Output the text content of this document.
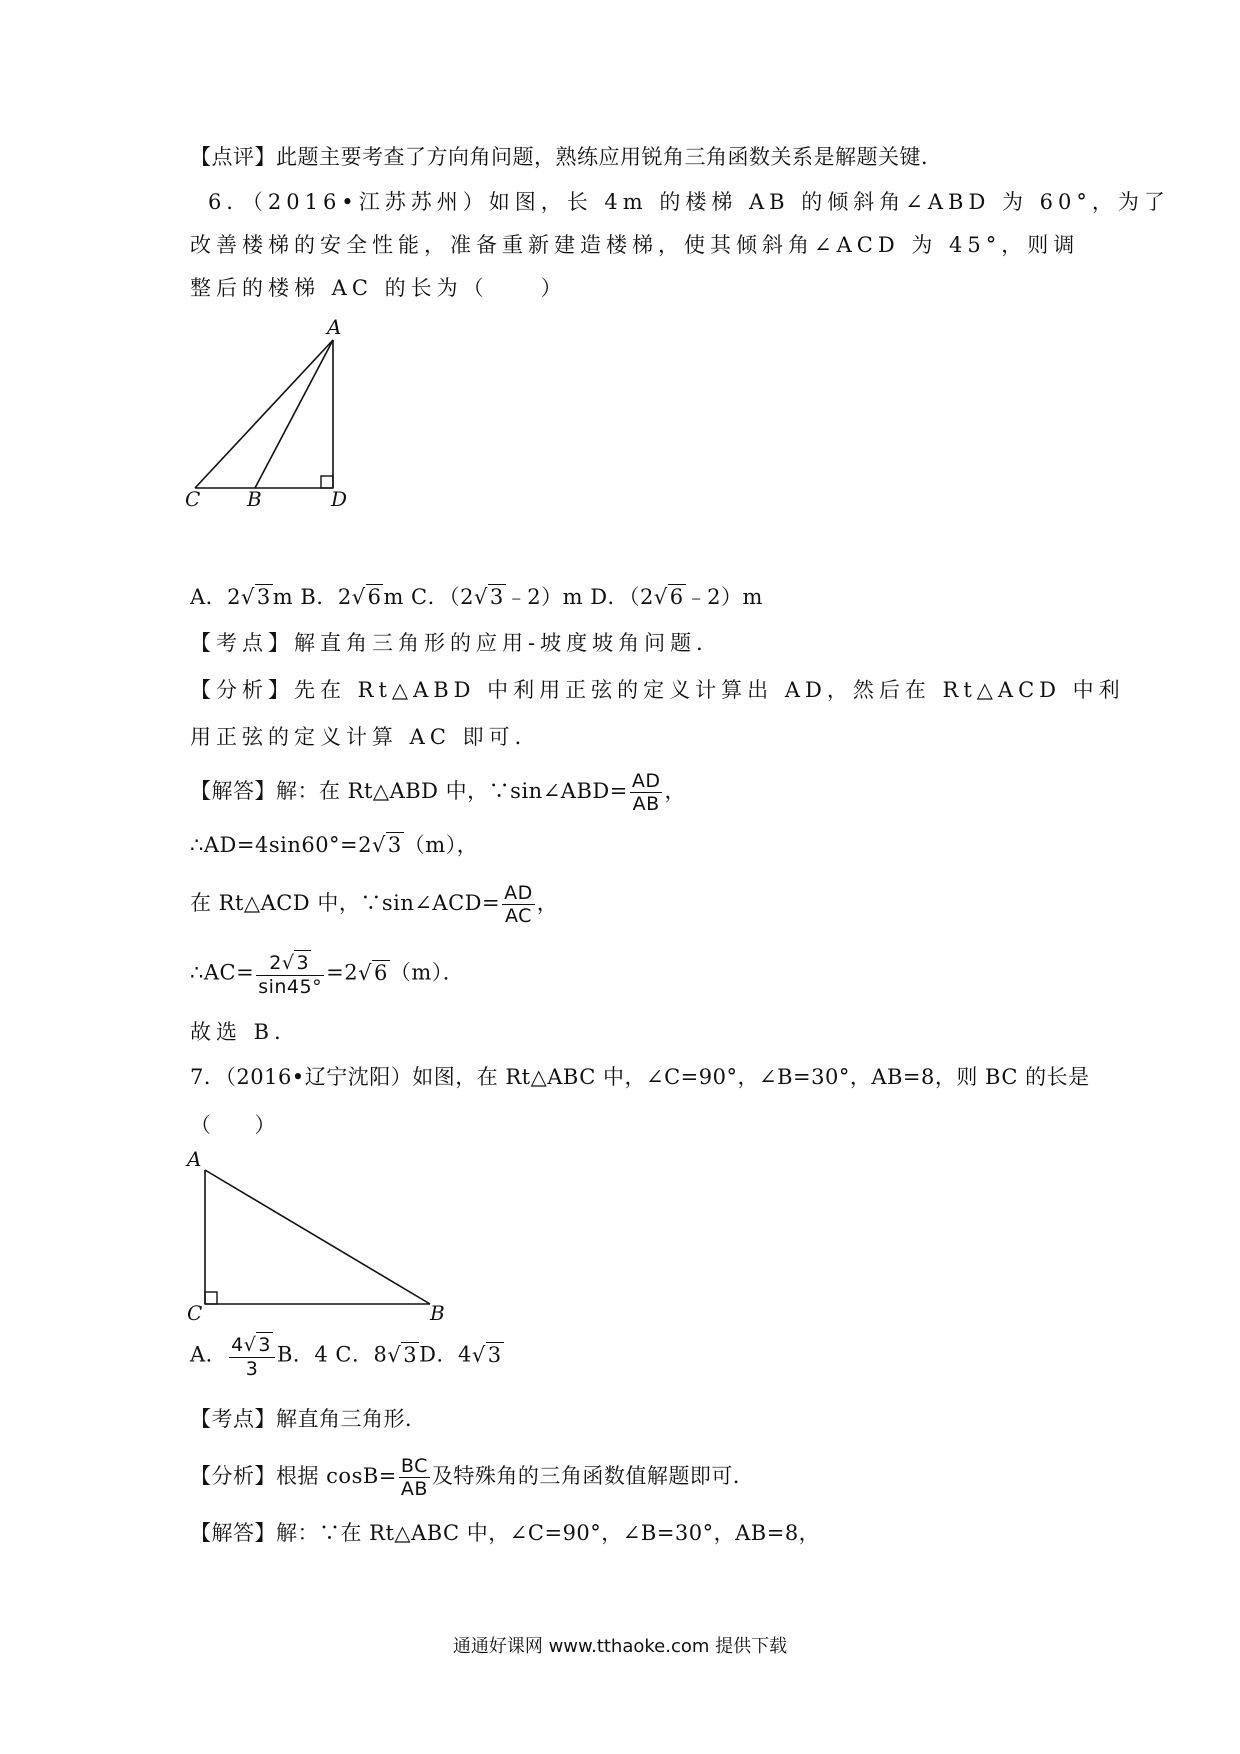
【点评】此题主要考查了方向角问题，熟练应用锐角三角函数关系是解题关键．
6．（2016•江苏苏州）如图，长 4m 的楼梯 AB 的倾斜角∠ABD 为 60°，为了
改善楼梯的安全性能，准备重新建造楼梯，使其倾斜角∠ACD 为 45°，则调
整后的楼梯 AC 的长为（　　）
A
C B	D
A．2√3m B．2√6m C．（2√3﹣2）m D．（2√6﹣2）m
【考点】解直角三角形的应用-坡度坡角问题．
【分析】先在 Rt△ABD 中利用正弦的定义计算出 AD，然后在 Rt△ACD 中利
用正弦的定义计算 AC 即可．
【解答】解：在 Rt△ABD 中，∵sin∠ABD= $\frac{AD}{AB}$ ，
∴AD=4sin60°=2√3（m），
在 Rt△ACD 中，∵sin∠ACD= $\frac{AD}{AC}$ ，
∴AC= $\frac{2√ 3}{\sin 45^\circ} =2√6(m)$．
故选 B．
7．（2016•辽宁沈阳）如图，在 Rt△ABC 中，∠C=90°，∠B=30°，AB=8，则 BC 的长是
（　　）
A
C	B
A． $\frac{4√ 3}{3}$ B．4 C．8√3D．4√3
【考点】解直角三角形．
【分析】根据 $\cos B= \frac{BC}{AB}$ 及特殊角的三角函数值解题即可．
【解答】解：∵在 Rt△ABC 中，∠C=90°，∠B=30°，AB=8，
通通好课网 www.tthaoke.com 提供下载
